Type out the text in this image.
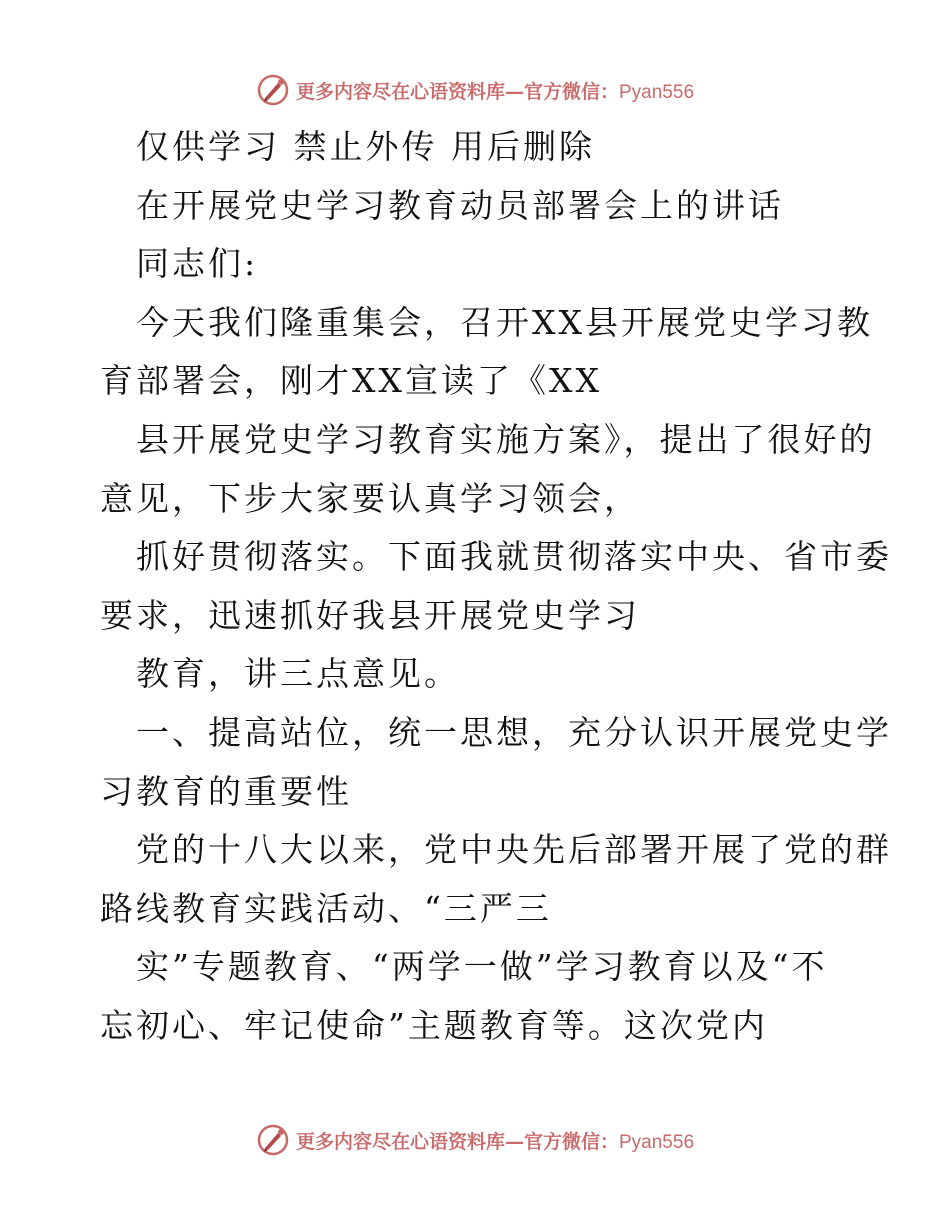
更多内容尽在心语资料库—官方微信：Pyan556
仅供学习 禁止外传 用后删除
在开展党史学习教育动员部署会上的讲话
同志们:
今天我们隆重集会，召开XX县开展党史学习教
育部署会，刚才XX宣读了《XX
县开展党史学习教育实施方案》，提出了很好的
意见，下步大家要认真学习领会，
抓好贯彻落实。下面我就贯彻落实中央、省市委
要求，迅速抓好我县开展党史学习
教育，讲三点意见。
一、提高站位，统一思想，充分认识开展党史学
习教育的重要性
党的十八大以来，党中央先后部署开展了党的群
路线教育实践活动、“三严三
实”专题教育、“两学一做”学习教育以及“不
忘初心、牢记使命”主题教育等。这次党内
更多内容尽在心语资料库—官方微信：Pyan556
